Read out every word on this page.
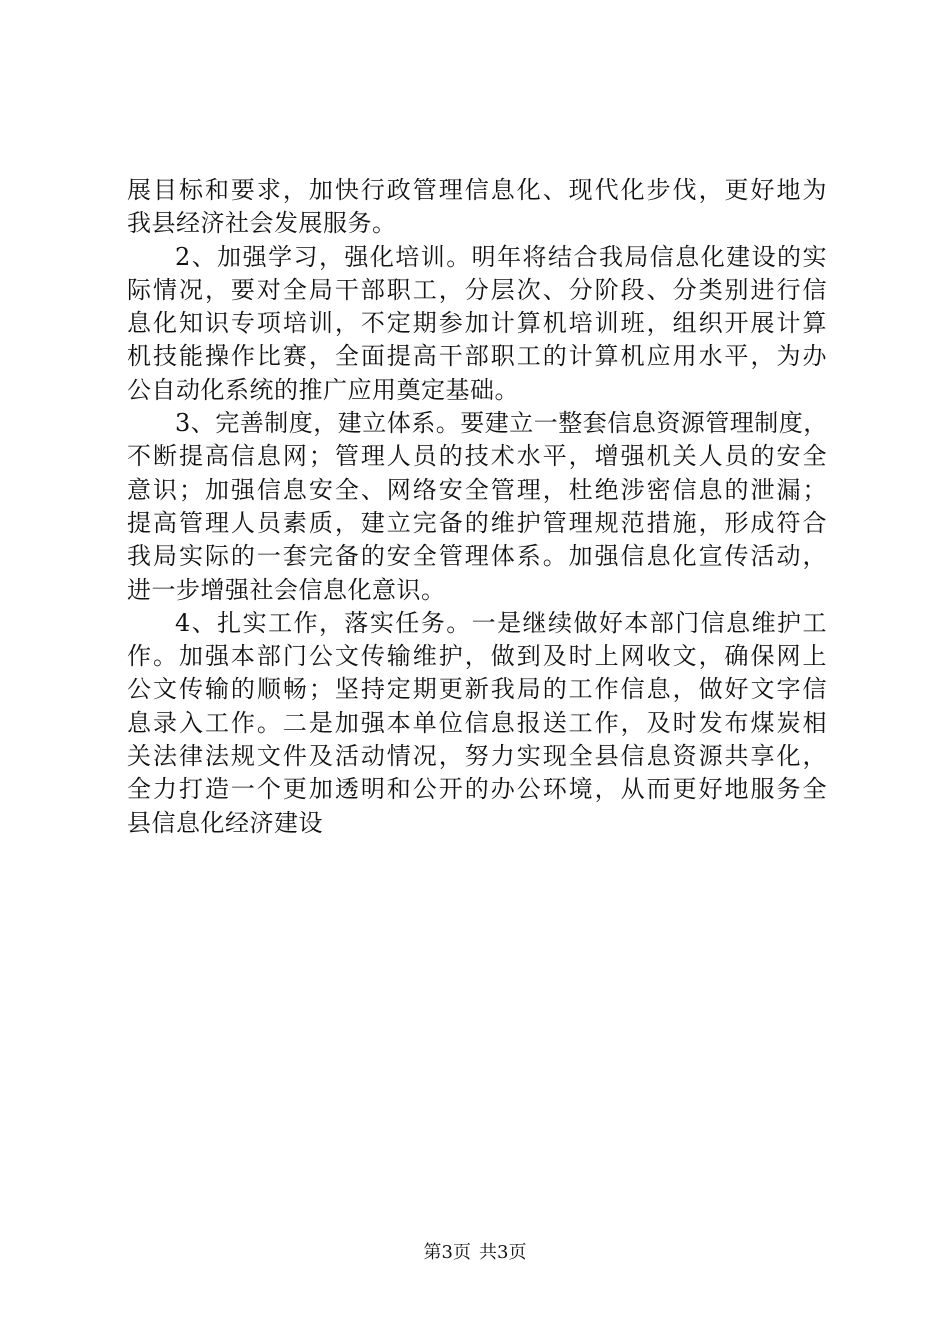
展目标和要求，加快行政管理信息化、现代化步伐，更好地为
我县经济社会发展服务。
2、加强学习，强化培训。明年将结合我局信息化建设的实
际情况，要对全局干部职工，分层次、分阶段、分类别进行信
息化知识专项培训，不定期参加计算机培训班，组织开展计算
机技能操作比赛，全面提高干部职工的计算机应用水平，为办
公自动化系统的推广应用奠定基础。
3、完善制度，建立体系。要建立一整套信息资源管理制度，
不断提高信息网；管理人员的技术水平，增强机关人员的安全
意识；加强信息安全、网络安全管理，杜绝涉密信息的泄漏；
提高管理人员素质，建立完备的维护管理规范措施，形成符合
我局实际的一套完备的安全管理体系。加强信息化宣传活动，
进一步增强社会信息化意识。
4、扎实工作，落实任务。一是继续做好本部门信息维护工
作。加强本部门公文传输维护，做到及时上网收文，确保网上
公文传输的顺畅；坚持定期更新我局的工作信息，做好文字信
息录入工作。二是加强本单位信息报送工作，及时发布煤炭相
关法律法规文件及活动情况，努力实现全县信息资源共享化，
全力打造一个更加透明和公开的办公环境，从而更好地服务全
县信息化经济建设
第3页 共3页
